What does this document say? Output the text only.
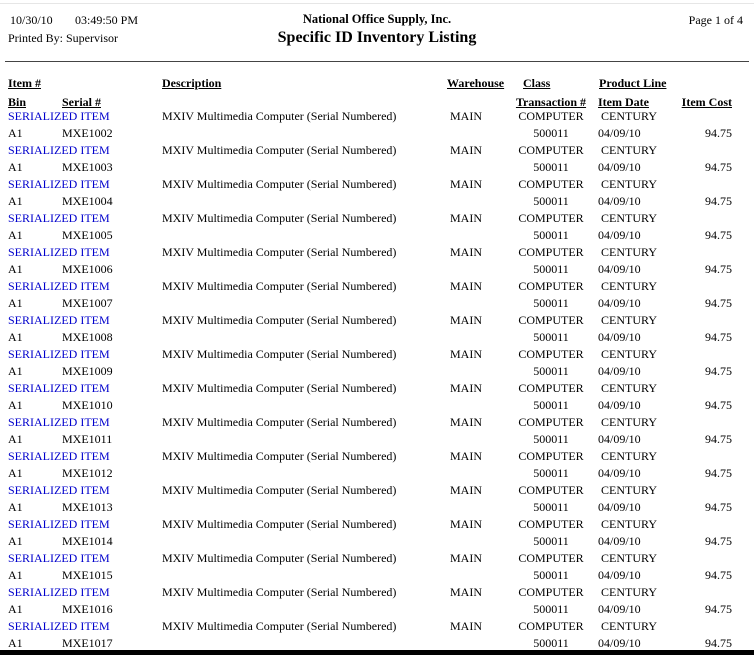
10/30/10 03:49:50 PM	National Office Supply, Inc.	Page 1 of 4
Printed By: Supervisor	Specific ID Inventory Listing
Item #	Description	Warehouse Class	Product Line
Bin	Serial #	Transaction # Item Date	Item Cost
SERIALIZED ITEM	MXIV Multimedia Computer (Serial Numbered)	MAIN	COMPUTER	CENTURY
A1	MXE1002	500011	04/09/10	94.75
SERIALIZED ITEM	MXIV Multimedia Computer (Serial Numbered)	MAIN	COMPUTER	CENTURY
A1	MXE1003	500011	04/09/10	94.75
SERIALIZED ITEM	MXIV Multimedia Computer (Serial Numbered)	MAIN	COMPUTER	CENTURY
A1	MXE1004	500011	04/09/10	94.75
SERIALIZED ITEM	MXIV Multimedia Computer (Serial Numbered)	MAIN	COMPUTER	CENTURY
A1	MXE1005	500011	04/09/10	94.75
SERIALIZED ITEM	MXIV Multimedia Computer (Serial Numbered)	MAIN	COMPUTER	CENTURY
A1	MXE1006	500011	04/09/10	94.75
SERIALIZED ITEM	MXIV Multimedia Computer (Serial Numbered)	MAIN	COMPUTER	CENTURY
A1	MXE1007	500011	04/09/10	94.75
SERIALIZED ITEM	MXIV Multimedia Computer (Serial Numbered)	MAIN	COMPUTER	CENTURY
A1	MXE1008	500011	04/09/10	94.75
SERIALIZED ITEM	MXIV Multimedia Computer (Serial Numbered)	MAIN	COMPUTER	CENTURY
A1	MXE1009	500011	04/09/10	94.75
SERIALIZED ITEM	MXIV Multimedia Computer (Serial Numbered)	MAIN	COMPUTER	CENTURY
A1	MXE1010	500011	04/09/10	94.75
SERIALIZED ITEM	MXIV Multimedia Computer (Serial Numbered)	MAIN	COMPUTER	CENTURY
A1	MXE1011	500011	04/09/10	94.75
SERIALIZED ITEM	MXIV Multimedia Computer (Serial Numbered)	MAIN	COMPUTER	CENTURY
A1	MXE1012	500011	04/09/10	94.75
SERIALIZED ITEM	MXIV Multimedia Computer (Serial Numbered)	MAIN	COMPUTER	CENTURY
A1	MXE1013	500011	04/09/10	94.75
SERIALIZED ITEM	MXIV Multimedia Computer (Serial Numbered)	MAIN	COMPUTER	CENTURY
A1	MXE1014	500011	04/09/10	94.75
SERIALIZED ITEM	MXIV Multimedia Computer (Serial Numbered)	MAIN	COMPUTER	CENTURY
A1	MXE1015	500011	04/09/10	94.75
SERIALIZED ITEM	MXIV Multimedia Computer (Serial Numbered)	MAIN	COMPUTER	CENTURY
A1	MXE1016	500011	04/09/10	94.75
SERIALIZED ITEM	MXIV Multimedia Computer (Serial Numbered)	MAIN	COMPUTER	CENTURY
A1	MXE1017	500011	04/09/10	94.75
